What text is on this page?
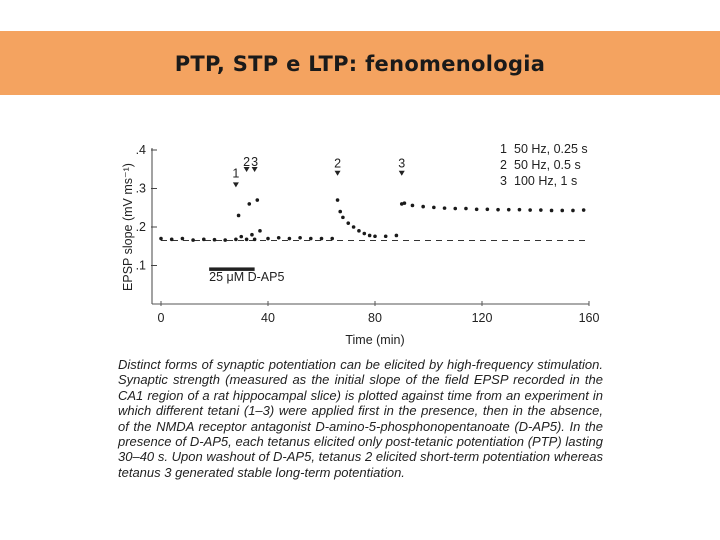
PTP, STP e LTP: fenomenologia
.1
.2
.3
.4
0	40	80	120	160
Time (min)
EPSP slope (mV ms⁻¹)	25 μM D-AP5
1
2 3	2	3
1 50 Hz, 0.25 s
2 50 Hz, 0.5 s
3 100 Hz, 1 s

Distinct forms of synaptic potentiation can be elicited by high-frequency stimulation. Synaptic strength (measured as the initial slope of the field EPSP recorded in the CA1 region of a rat hippocampal slice) is plotted against time from an experiment in which different tetani (1–3) were applied first in the presence, then in the absence, of the NMDA receptor antagonist D-amino-5-phosphonopentanoate (D-AP5). In the presence of D-AP5, each tetanus elicited only post-tetanic potentiation (PTP) lasting 30–40 s. Upon washout of D-AP5, tetanus 2 elicited short-term potentiation whereas tetanus 3 generated stable long-term potentiation.
